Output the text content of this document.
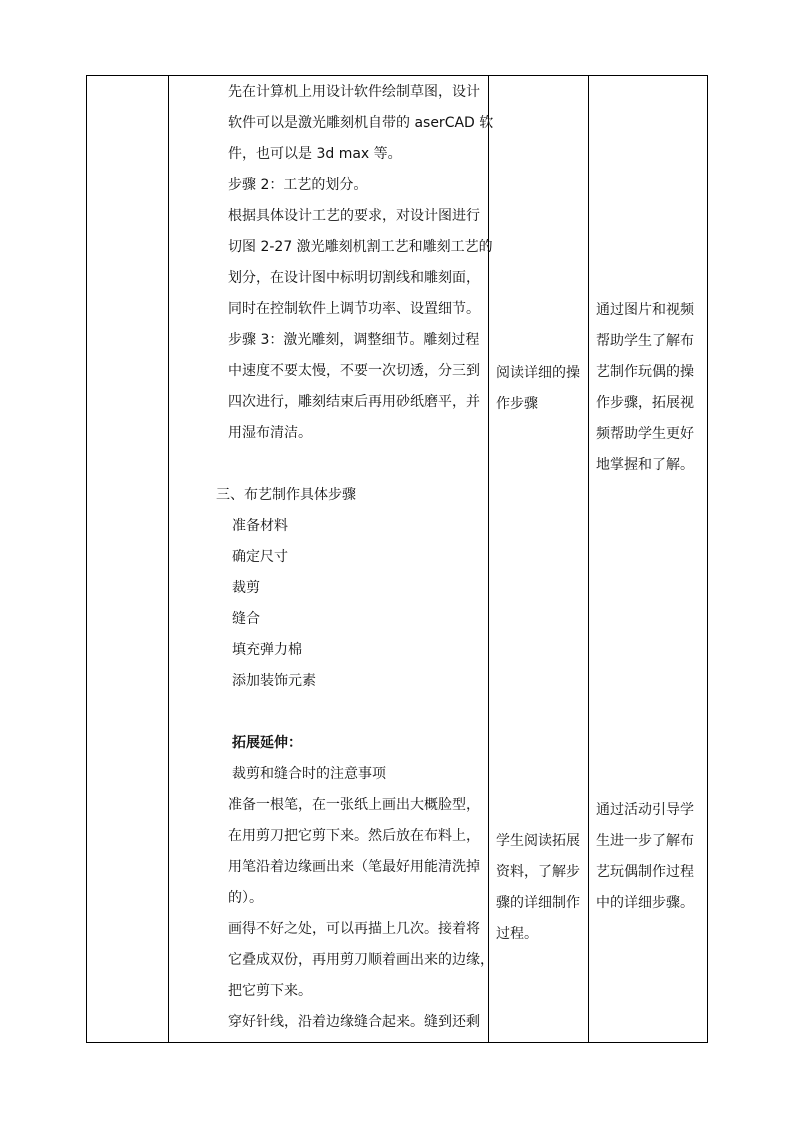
先在计算机上用设计软件绘制草图，设计

软件可以是激光雕刻机自带的 aserCAD 软

件，也可以是 3d max 等。

步骤 2：工艺的划分。

根据具体设计工艺的要求，对设计图进行

切图 2-27 激光雕刻机割工艺和雕刻工艺的

划分，在设计图中标明切割线和雕刻面，

同时在控制软件上调节功率、设置细节。

步骤 3：激光雕刻，调整细节。雕刻过程

中速度不要太慢，不要一次切透，分三到

四次进行，雕刻结束后再用砂纸磨平，并

用湿布清洁。

三、布艺制作具体步骤

准备材料

确定尺寸

裁剪

缝合

填充弹力棉

添加装饰元素

拓展延伸：

裁剪和缝合时的注意事项

准备一根笔，在一张纸上画出大概脸型，

在用剪刀把它剪下来。然后放在布料上，

用笔沿着边缘画出来（笔最好用能清洗掉

的）。

画得不好之处，可以再描上几次。接着将

它叠成双份，再用剪刀顺着画出来的边缘，

把它剪下来。

穿好针线，沿着边缘缝合起来。缝到还剩

阅读详细的操

作步骤

学生阅读拓展

资料，了解步

骤的详细制作

过程。

通过图片和视频

帮助学生了解布

艺制作玩偶的操

作步骤，拓展视

频帮助学生更好

地掌握和了解。

通过活动引导学

生进一步了解布

艺玩偶制作过程

中的详细步骤。
